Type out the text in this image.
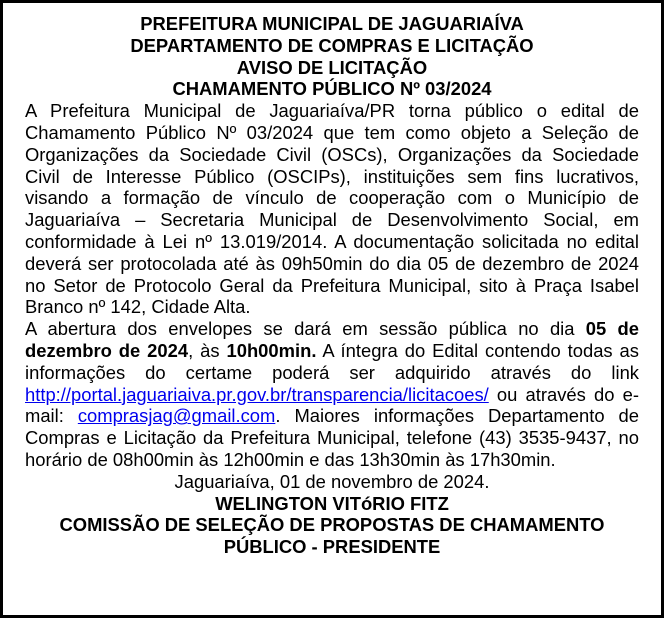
PREFEITURA MUNICIPAL DE JAGUARIAÍVA

DEPARTAMENTO DE COMPRAS E LICITAÇÃO

AVISO DE LICITAÇÃO

CHAMAMENTO PÚBLICO Nº 03/2024

A Prefeitura Municipal de Jaguariaíva/PR torna público o edital de Chamamento Público Nº 03/2024 que tem como objeto a Seleção de Organizações da Sociedade Civil (OSCs), Organizações da Sociedade Civil de Interesse Público (OSCIPs), instituições sem fins lucrativos, visando a formação de vínculo de cooperação com o Município de Jaguariaíva – Secretaria Municipal de Desenvolvimento Social, em conformidade à Lei nº 13.019/2014. A documentação solicitada no edital deverá ser protocolada até às 09h50min do dia 05 de dezembro de 2024 no Setor de Protocolo Geral da Prefeitura Municipal, sito à Praça Isabel Branco nº 142, Cidade Alta.

A abertura dos envelopes se dará em sessão pública no dia 05 de dezembro de 2024, às 10h00min. A íntegra do Edital contendo todas as informações do certame poderá ser adquirido através do link http://portal.jaguariaiva.pr.gov.br/transparencia/licitacoes/ ou através do e-mail: comprasjag@gmail.com. Maiores informações Departamento de Compras e Licitação da Prefeitura Municipal, telefone (43) 3535-9437, no horário de 08h00min às 12h00min e das 13h30min às 17h30min.

Jaguariaíva, 01 de novembro de 2024.

WELINGTON VITóRIO FITZ

COMISSÃO DE SELEÇÃO DE PROPOSTAS DE CHAMAMENTO PÚBLICO - PRESIDENTE
